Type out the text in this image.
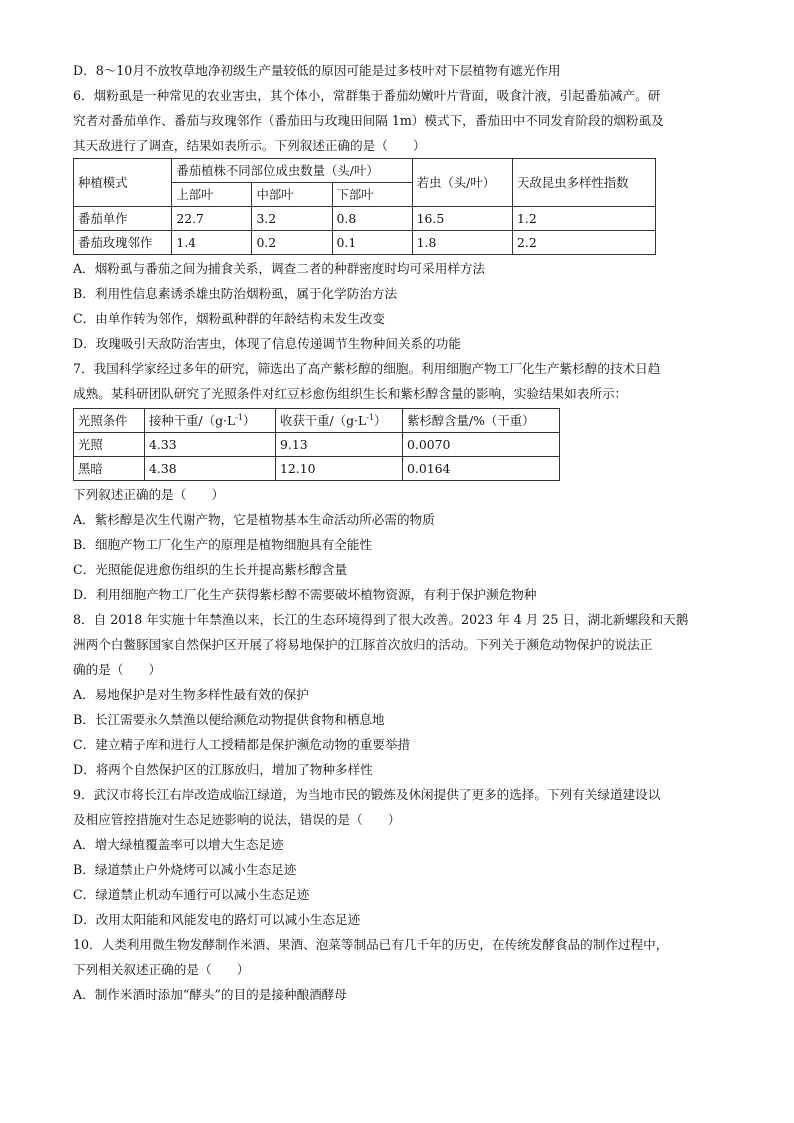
D．8～10月不放牧草地净初级生产量较低的原因可能是过多枝叶对下层植物有遮光作用

6．烟粉虱是一种常见的农业害虫，其个体小，常群集于番茄幼嫩叶片背面，吸食汁液，引起番茄减产。研

究者对番茄单作、番茄与玫瑰邻作（番茄田与玫瑰田间隔 1m）模式下，番茄田中不同发育阶段的烟粉虱及

其天敌进行了调查，结果如表所示。下列叙述正确的是（　　）

种植模式	番茄植株不同部位成虫数量（头/叶）			若虫（头/叶）	天敌昆虫多样性指数
	上部叶	中部叶	下部叶		
番茄单作	22.7	3.2	0.8	16.5	1.2
番茄玫瑰邻作	1.4	0.2	0.1	1.8	2.2

A．烟粉虱与番茄之间为捕食关系，调查二者的种群密度时均可采用样方法

B．利用性信息素诱杀雄虫防治烟粉虱，属于化学防治方法

C．由单作转为邻作，烟粉虱种群的年龄结构未发生改变

D．玫瑰吸引天敌防治害虫，体现了信息传递调节生物种间关系的功能

7．我国科学家经过多年的研究，筛选出了高产紫杉醇的细胞。利用细胞产物工厂化生产紫杉醇的技术日趋

成熟。某科研团队研究了光照条件对红豆杉愈伤组织生长和紫杉醇含量的影响，实验结果如表所示：

光照条件	接种干重$/(g\cdot L^{-1})$	收获干重$/(g\cdot L^{-1})$	紫杉醇含量/%（干重）
光照	4.33	9.13	0.0070
黑暗	4.38	12.10	0.0164

下列叙述正确的是（　　）

A．紫杉醇是次生代谢产物，它是植物基本生命活动所必需的物质

B．细胞产物工厂化生产的原理是植物细胞具有全能性

C．光照能促进愈伤组织的生长并提高紫杉醇含量

D．利用细胞产物工厂化生产获得紫杉醇不需要破坏植物资源，有利于保护濒危物种

8．自 2018 年实施十年禁渔以来，长江的生态环境得到了很大改善。2023 年 4 月 25 日，湖北新螺段和天鹅

洲两个白鳖豚国家自然保护区开展了将易地保护的江豚首次放归的活动。下列关于濒危动物保护的说法正

确的是（　　）

A．易地保护是对生物多样性最有效的保护

B．长江需要永久禁渔以便给濒危动物提供食物和栖息地

C．建立精子库和进行人工授精都是保护濒危动物的重要举措

D．将两个自然保护区的江豚放归，增加了物种多样性

9．武汉市将长江右岸改造成临江绿道，为当地市民的锻炼及休闲提供了更多的选择。下列有关绿道建设以

及相应管控措施对生态足迹影响的说法，错误的是（　　）

A．增大绿植覆盖率可以增大生态足迹

B．绿道禁止户外烧烤可以减小生态足迹

C．绿道禁止机动车通行可以减小生态足迹

D．改用太阳能和风能发电的路灯可以减小生态足迹

10．人类利用微生物发酵制作米酒、果酒、泡菜等制品已有几千年的历史，在传统发酵食品的制作过程中，

下列相关叙述正确的是（　　）

A．制作米酒时添加“酵头”的目的是接种酿酒酵母
